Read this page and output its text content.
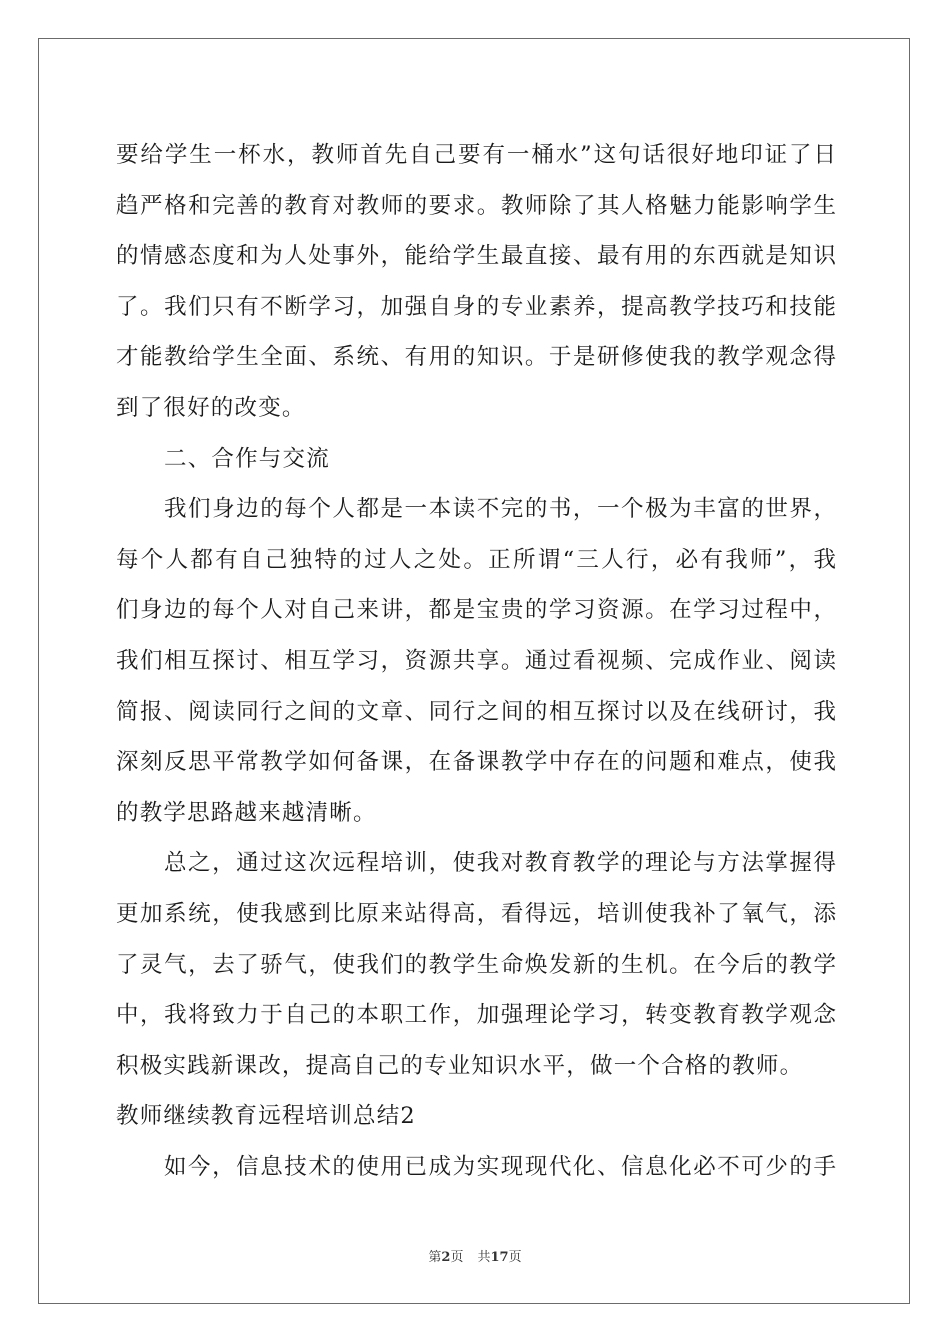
要给学生一杯水，教师首先自己要有一桶水”这句话很好地印证了日
趋严格和完善的教育对教师的要求。教师除了其人格魅力能影响学生
的情感态度和为人处事外，能给学生最直接、最有用的东西就是知识
了。我们只有不断学习，加强自身的专业素养，提高教学技巧和技能
才能教给学生全面、系统、有用的知识。于是研修使我的教学观念得
到了很好的改变。
二、合作与交流
我们身边的每个人都是一本读不完的书，一个极为丰富的世界，
每个人都有自己独特的过人之处。正所谓“三人行，必有我师”，我
们身边的每个人对自己来讲，都是宝贵的学习资源。在学习过程中，
我们相互探讨、相互学习，资源共享。通过看视频、完成作业、阅读
简报、阅读同行之间的文章、同行之间的相互探讨以及在线研讨，我
深刻反思平常教学如何备课，在备课教学中存在的问题和难点，使我
的教学思路越来越清晰。
总之，通过这次远程培训，使我对教育教学的理论与方法掌握得
更加系统，使我感到比原来站得高，看得远，培训使我补了氧气，添
了灵气，去了骄气，使我们的教学生命焕发新的生机。在今后的教学
中，我将致力于自己的本职工作，加强理论学习，转变教育教学观念
积极实践新课改，提高自己的专业知识水平，做一个合格的教师。
教师继续教育远程培训总结2
如今，信息技术的使用已成为实现现代化、信息化必不可少的手
第2页 共17页
